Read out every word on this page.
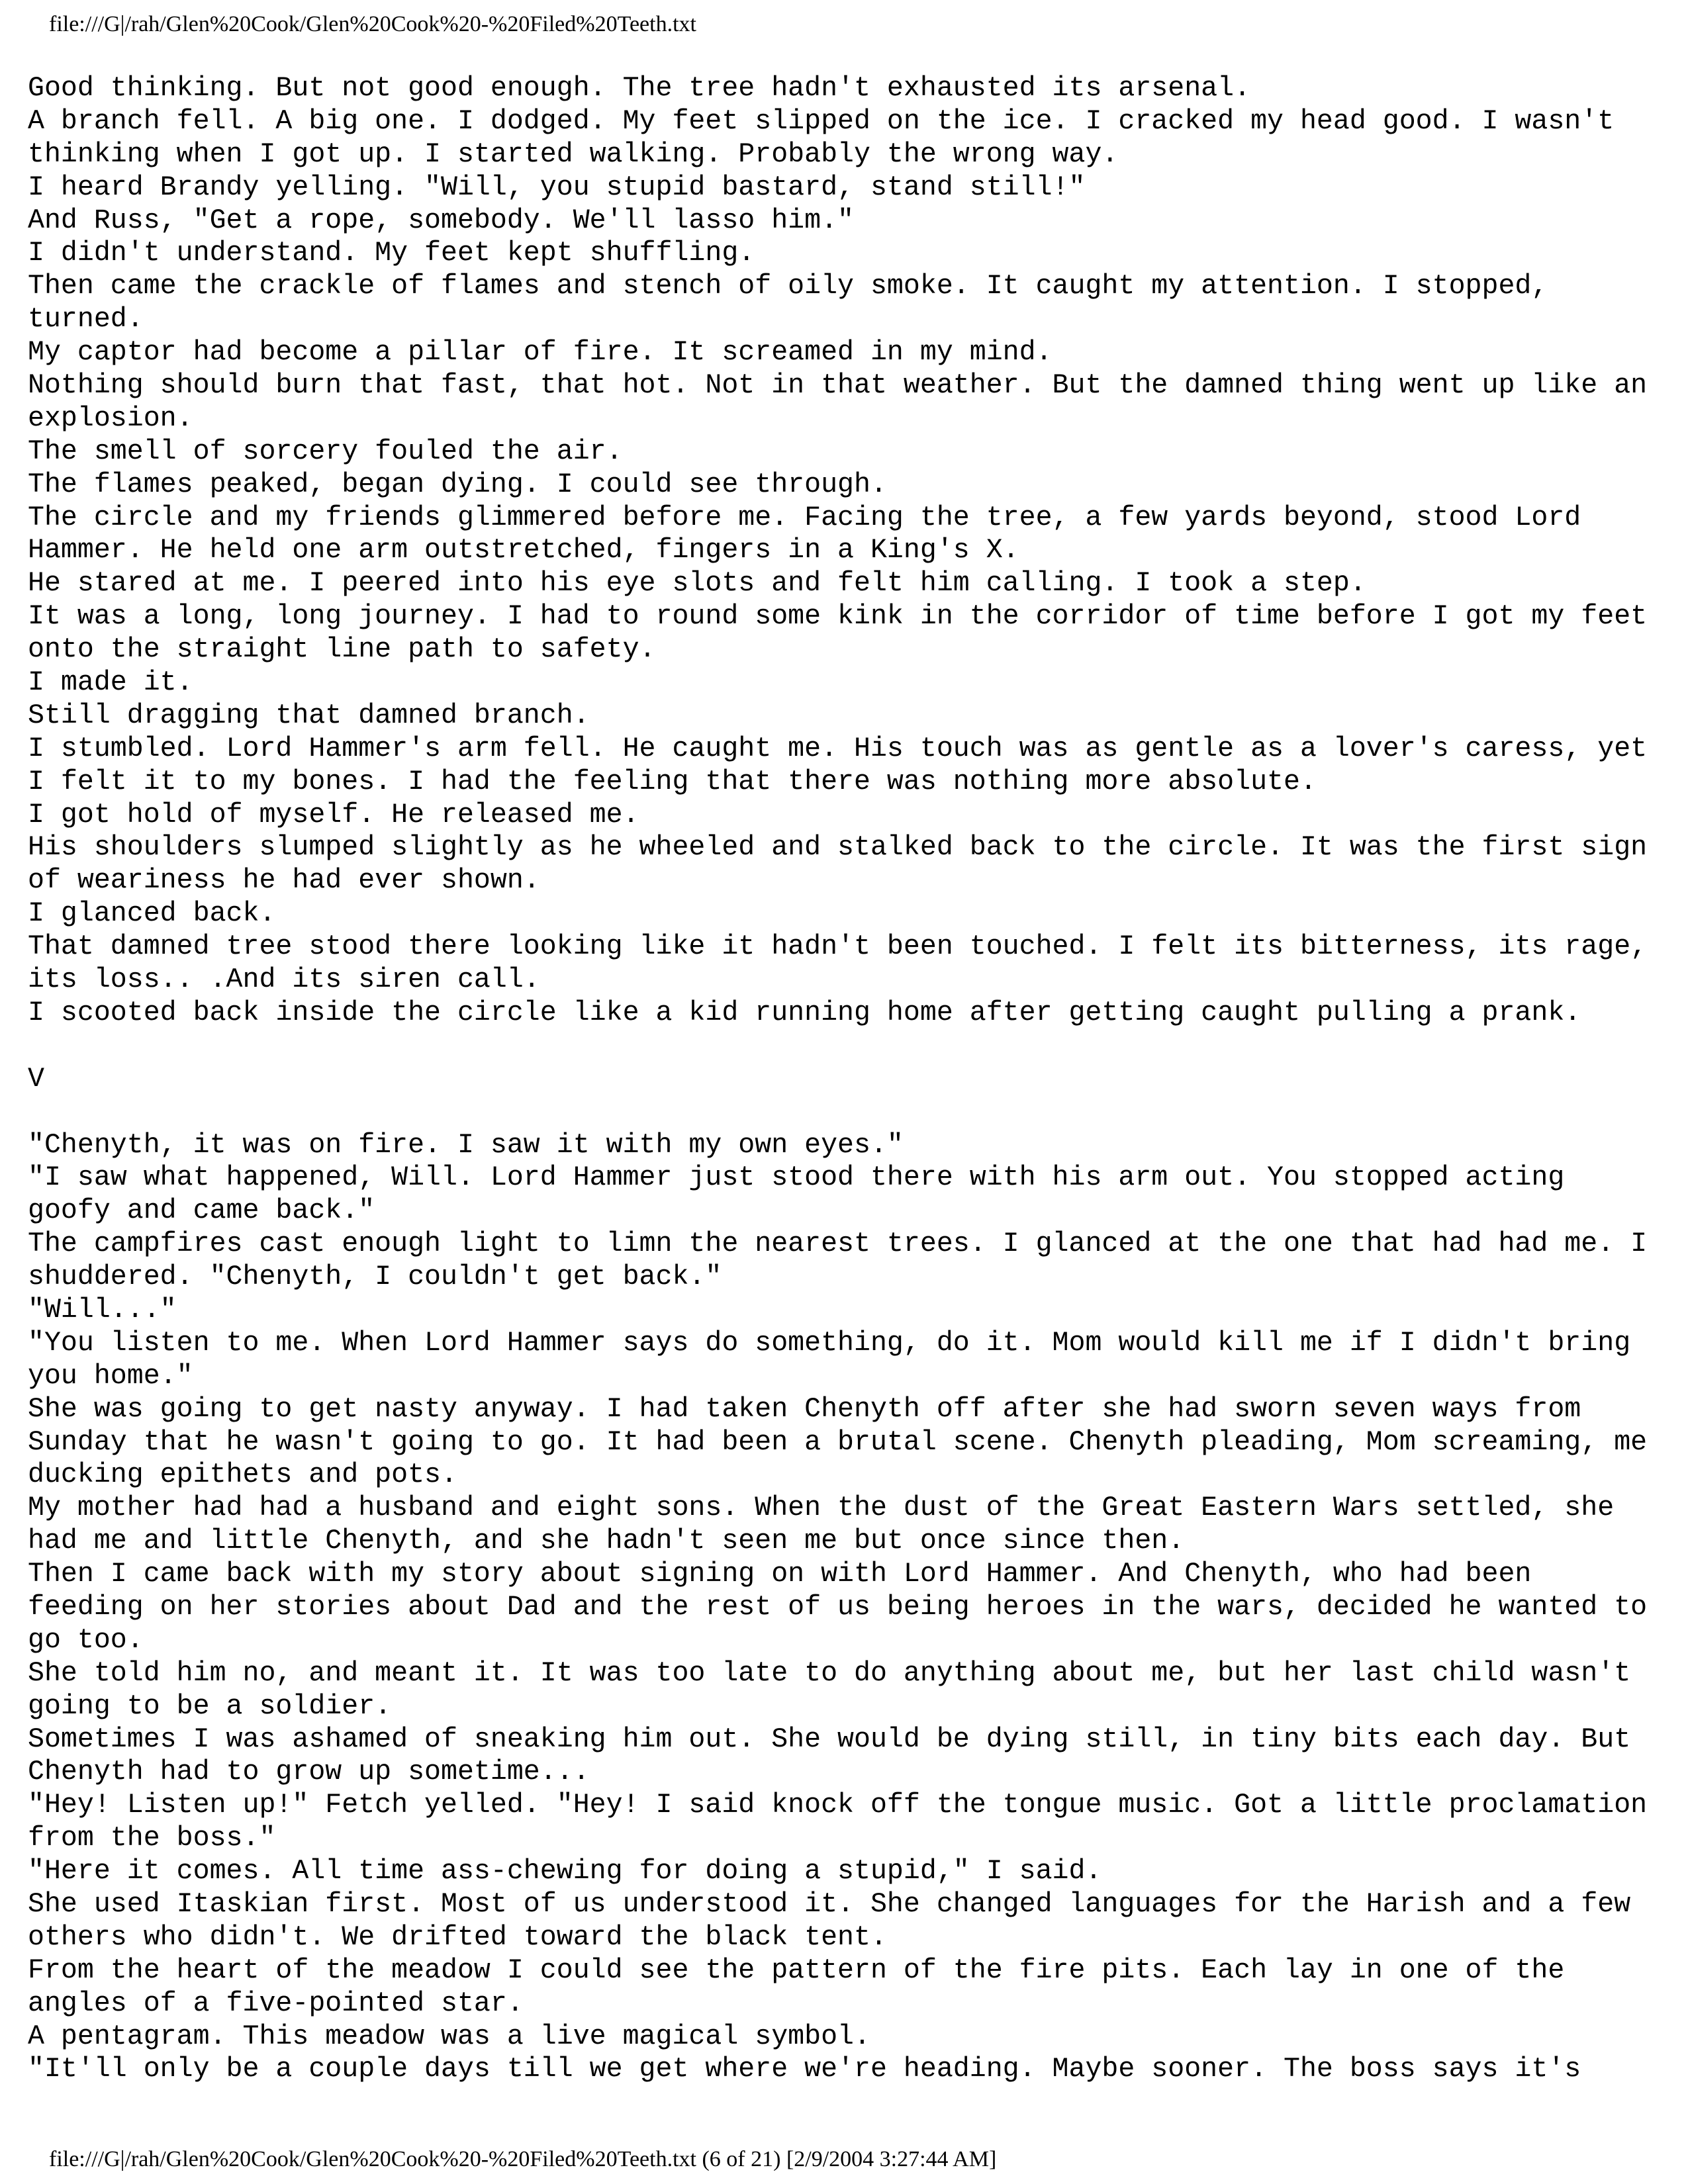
file:///G|/rah/Glen%20Cook/Glen%20Cook%20-%20Filed%20Teeth.txt

Good thinking. But not good enough. The tree hadn't exhausted its arsenal.

A branch fell. A big one. I dodged. My feet slipped on the ice. I cracked my head good. I wasn't

thinking when I got up. I started walking. Probably the wrong way.

I heard Brandy yelling. "Will, you stupid bastard, stand still!"

And Russ, "Get a rope, somebody. We'll lasso him."

I didn't understand. My feet kept shuffling.

Then came the crackle of flames and stench of oily smoke. It caught my attention. I stopped,

turned.

My captor had become a pillar of fire. It screamed in my mind.

Nothing should burn that fast, that hot. Not in that weather. But the damned thing went up like an

explosion.

The smell of sorcery fouled the air.

The flames peaked, began dying. I could see through.

The circle and my friends glimmered before me. Facing the tree, a few yards beyond, stood Lord

Hammer. He held one arm outstretched, fingers in a King's X.

He stared at me. I peered into his eye slots and felt him calling. I took a step.

It was a long, long journey. I had to round some kink in the corridor of time before I got my feet

onto the straight line path to safety.

I made it.

Still dragging that damned branch.

I stumbled. Lord Hammer's arm fell. He caught me. His touch was as gentle as a lover's caress, yet

I felt it to my bones. I had the feeling that there was nothing more absolute.

I got hold of myself. He released me.

His shoulders slumped slightly as he wheeled and stalked back to the circle. It was the first sign

of weariness he had ever shown.

I glanced back.

That damned tree stood there looking like it hadn't been touched. I felt its bitterness, its rage,

its loss.. .And its siren call.

I scooted back inside the circle like a kid running home after getting caught pulling a prank.

V

"Chenyth, it was on fire. I saw it with my own eyes."

"I saw what happened, Will. Lord Hammer just stood there with his arm out. You stopped acting

goofy and came back."

The campfires cast enough light to limn the nearest trees. I glanced at the one that had had me. I

shuddered. "Chenyth, I couldn't get back."

"Will..."

"You listen to me. When Lord Hammer says do something, do it. Mom would kill me if I didn't bring

you home."

She was going to get nasty anyway. I had taken Chenyth off after she had sworn seven ways from

Sunday that he wasn't going to go. It had been a brutal scene. Chenyth pleading, Mom screaming, me

ducking epithets and pots.

My mother had had a husband and eight sons. When the dust of the Great Eastern Wars settled, she

had me and little Chenyth, and she hadn't seen me but once since then.

Then I came back with my story about signing on with Lord Hammer. And Chenyth, who had been

feeding on her stories about Dad and the rest of us being heroes in the wars, decided he wanted to

go too.

She told him no, and meant it. It was too late to do anything about me, but her last child wasn't

going to be a soldier.

Sometimes I was ashamed of sneaking him out. She would be dying still, in tiny bits each day. But

Chenyth had to grow up sometime...

"Hey! Listen up!" Fetch yelled. "Hey! I said knock off the tongue music. Got a little proclamation

from the boss."

"Here it comes. All time ass-chewing for doing a stupid," I said.

She used Itaskian first. Most of us understood it. She changed languages for the Harish and a few

others who didn't. We drifted toward the black tent.

From the heart of the meadow I could see the pattern of the fire pits. Each lay in one of the

angles of a five-pointed star.

A pentagram. This meadow was a live magical symbol.

"It'll only be a couple days till we get where we're heading. Maybe sooner. The boss says it's

file:///G|/rah/Glen%20Cook/Glen%20Cook%20-%20Filed%20Teeth.txt (6 of 21) [2/9/2004 3:27:44 AM]
